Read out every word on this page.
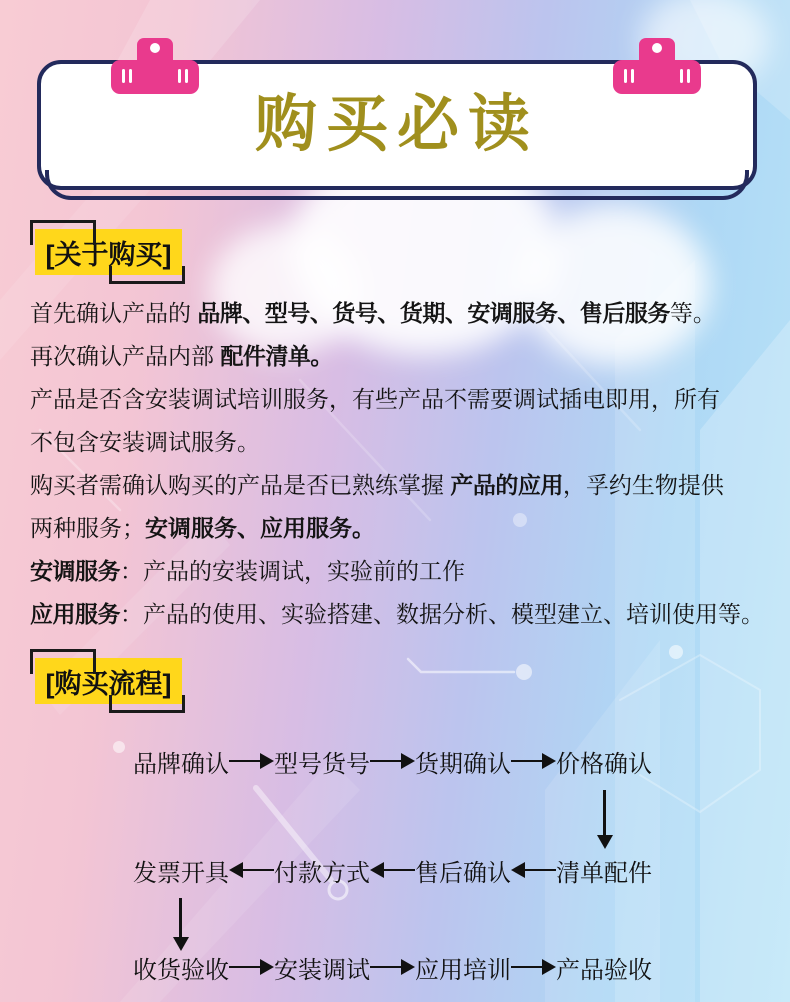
购买必读
[关于购买]
首先确认产品的 品牌、型号、货号、货期、安调服务、售后服务等。
再次确认产品内部 配件清单。
产品是否含安装调试培训服务，有些产品不需要调试插电即用，所有
不包含安装调试服务。
购买者需确认购买的产品是否已熟练掌握 产品的应用，孚约生物提供
两种服务；安调服务、应用服务。
安调服务：产品的安装调试，实验前的工作
应用服务：产品的使用、实验搭建、数据分析、模型建立、培训使用等。
[购买流程]
品牌确认 型号货号 货期确认 价格确认
发票开具 付款方式 售后确认 清单配件
收货验收 安装调试 应用培训 产品验收
